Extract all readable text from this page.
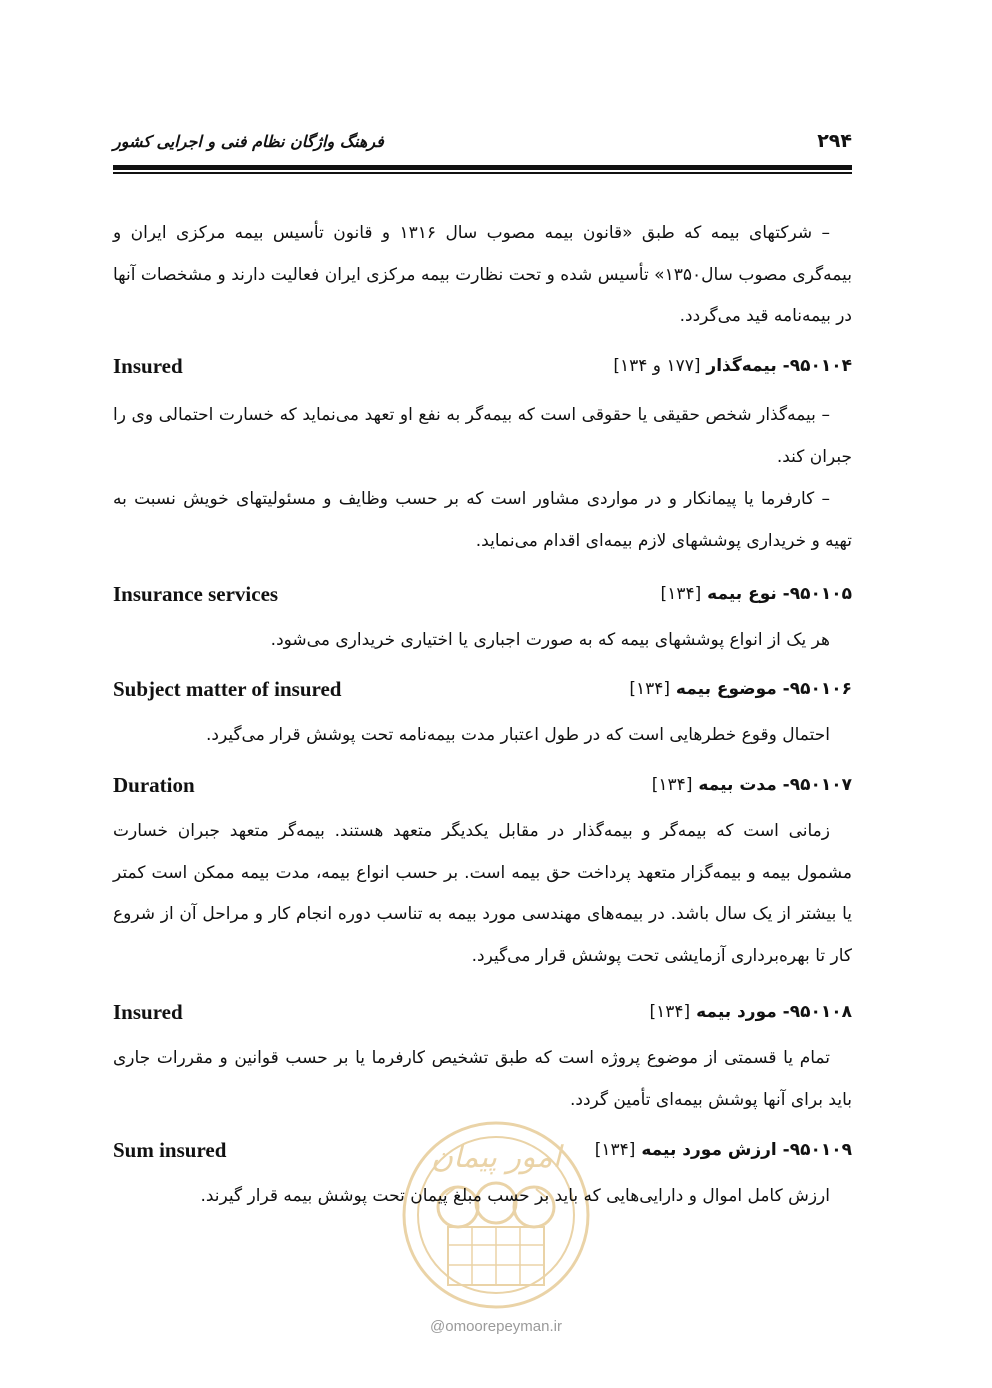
۲۹۴
فرهنگ واژگان نظام فنی و اجرایی کشور
– شرکتهای بیمه که طبق «قانون بیمه مصوب سال ۱۳۱۶ و قانون تأسیس بیمه مرکزی ایران و بیمه‌گری مصوب سال۱۳۵۰» تأسیس شده و تحت نظارت بیمه مرکزی ایران فعالیت دارند و مشخصات آنها در بیمه‌نامه قید می‌گردد.
۹۵۰۱۰۴- بیمه‌گذار [۱۷۷ و ۱۳۴]
Insured
– بیمه‌گذار شخص حقیقی یا حقوقی است که بیمه‌گر به نفع او تعهد می‌نماید که خسارت احتمالی وی را جبران کند.
– کارفرما یا پیمانکار و در مواردی مشاور است که بر حسب وظایف و مسئولیتهای خویش نسبت به تهیه و خریداری پوششهای لازم بیمه‌ای اقدام می‌نماید.
۹۵۰۱۰۵- نوع بیمه [۱۳۴]
Insurance services
هر یک از انواع پوششهای بیمه که به صورت اجباری یا اختیاری خریداری می‌شود.
۹۵۰۱۰۶- موضوع بیمه [۱۳۴]
Subject matter of insured
احتمال وقوع خطرهایی است که در طول اعتبار مدت بیمه‌نامه تحت پوشش قرار می‌گیرد.
۹۵۰۱۰۷- مدت بیمه [۱۳۴]
Duration
زمانی است که بیمه‌گر و بیمه‌گذار در مقابل یکدیگر متعهد هستند. بیمه‌گر متعهد جبران خسارت مشمول بیمه و بیمه‌گزار متعهد پرداخت حق بیمه است. بر حسب انواع بیمه، مدت بیمه ممکن است کمتر یا بیشتر از یک سال باشد. در بیمه‌های مهندسی مورد بیمه به تناسب دوره انجام کار و مراحل آن از شروع کار تا بهره‌برداری آزمایشی تحت پوشش قرار می‌گیرد.
۹۵۰۱۰۸- مورد بیمه [۱۳۴]
Insured
تمام یا قسمتی از موضوع پروژه است که طبق تشخیص کارفرما یا بر حسب قوانین و مقررات جاری باید برای آنها پوشش بیمه‌ای تأمین گردد.
امور پیمان	۹۵۰۱۰۹- ارزش مورد بیمه [۱۳۴]
Sum insured
ارزش کامل اموال و دارایی‌هایی که باید بر حسب مبلغ پیمان تحت پوشش بیمه قرار گیرند.
@omoorepeyman.ir
